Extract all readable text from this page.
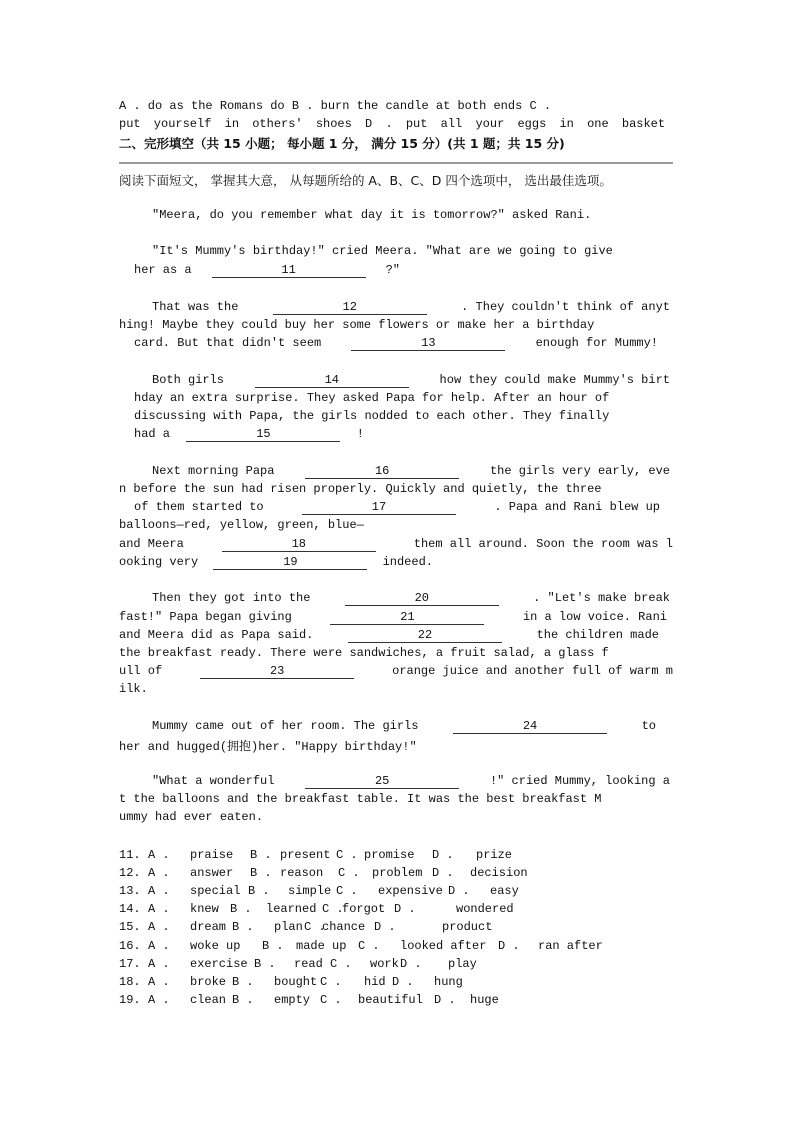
A . do as the Romans do B . burn the candle at both ends C .
put yourself in others' shoes D . put all your eggs in one basket
二、完形填空（共 15 小题； 每小题 1 分， 满分 15 分）(共 1 题；共 15 分)
阅读下面短文， 掌握其大意， 从每题所给的 A、B、C、D 四个选项中， 选出最佳选项。
"Meera, do you remember what day it is tomorrow?" asked Rani.
"It's Mummy's birthday!" cried Meera. "What are we going to give
her as a	11	?"
That was the	12	. They couldn't think of anyt
hing! Maybe they could buy her some flowers or make her a birthday
card. But that didn't seem	13	enough for Mummy!
Both girls	14	how they could make Mummy's birt
hday an extra surprise. They asked Papa for help. After an hour of
discussing with Papa, the girls nodded to each other. They finally
had a	15	!
Next morning Papa	16	the girls very early, eve
n before the sun had risen properly. Quickly and quietly, the three
of them started to	17	. Papa and Rani blew up
balloons—red, yellow, green, blue—
and Meera	18	them all around. Soon the room was l
ooking very	19	indeed.
Then they got into the	20	. "Let's make break
fast!" Papa began giving	21	in a low voice. Rani
and Meera did as Papa said.	22	the children made
the breakfast ready. There were sandwiches, a fruit salad, a glass f
ull of	23	orange juice and another full of warm m
ilk.
Mummy came out of her room. The girls	24	to
her and hugged(拥抱)her. "Happy birthday!"
"What a wonderful	25	!" cried Mummy, looking a
t the balloons and the breakfast table. It was the best breakfast M
ummy had ever eaten.
11. A . praise B . present C . promise D . prize
12. A . answer B . reason C . problem D . decision
13. A . special B . simple C . expensive D . easy
14. A . knew B . learned C .
forgot D .	wondered
15. A . dream B . plan C .
chance D .	product
16. A . woke up B . made up C . looked after D . ran after
17. A . exercise B . read C . work D . play
18. A . broke B . bought C . hid D . hung
19. A . clean B . empty C . beautiful D . huge
